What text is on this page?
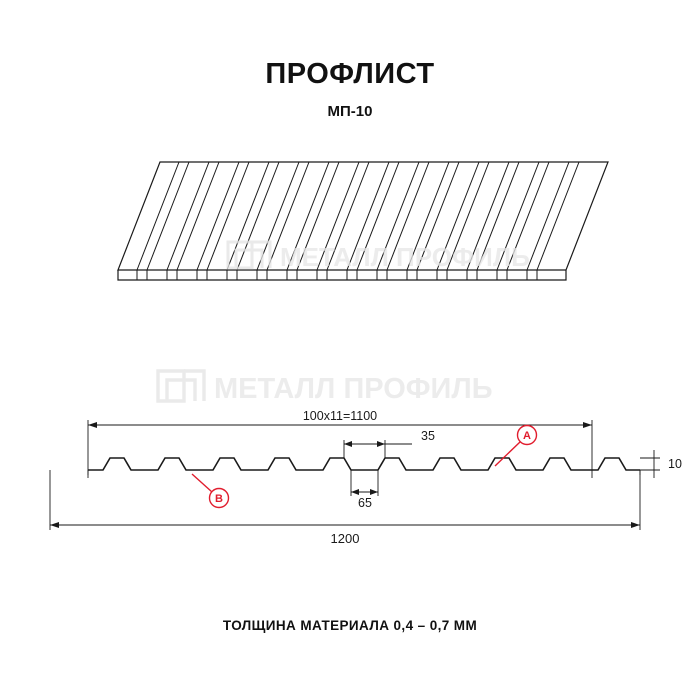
ПРОФЛИСТ
МП-10
МЕТАЛЛ ПРОФИЛЬ
МЕТАЛЛ ПРОФИЛЬ
100x11=1100
35
65
10
1200
A
B
ТОЛЩИНА МАТЕРИАЛА 0,4 – 0,7 ММ
